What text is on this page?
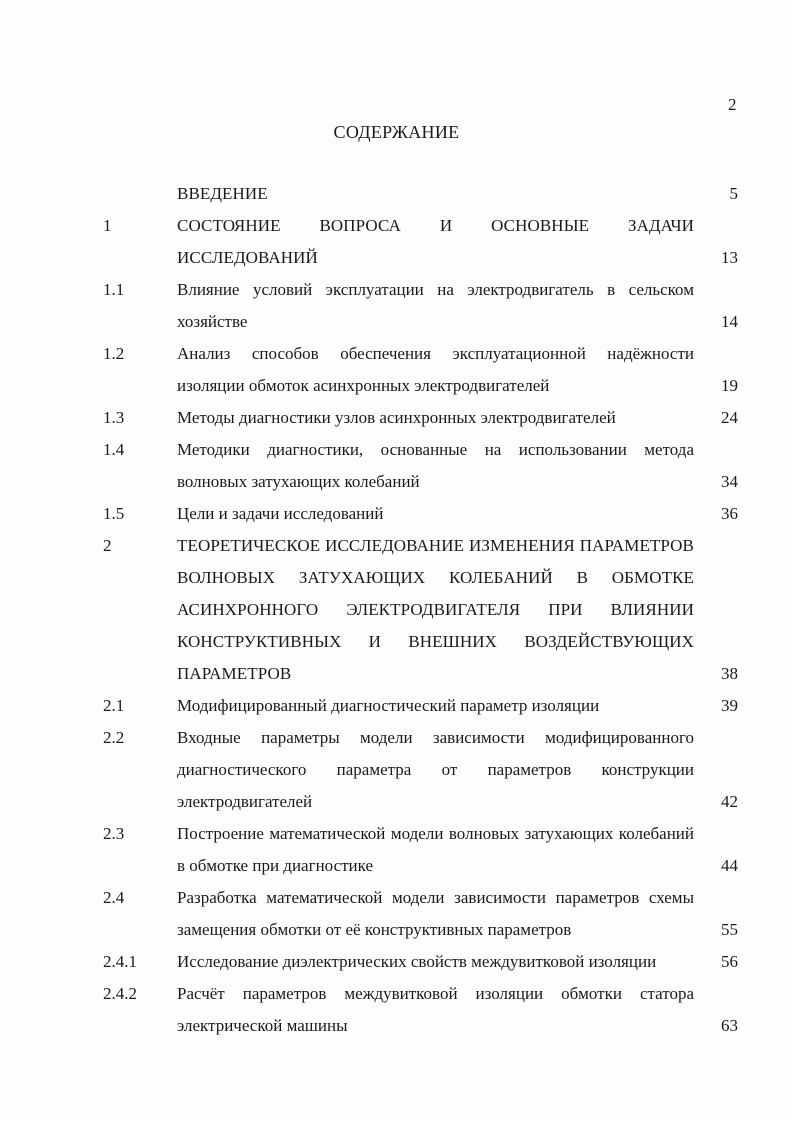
2
СОДЕРЖАНИЕ
ВВЕДЕНИЕ	5
1	СОСТОЯНИЕ ВОПРОСА И ОСНОВНЫЕ ЗАДАЧИ ИССЛЕДОВАНИЙ	13
1.1	Влияние условий эксплуатации на электродвигатель в сельском хозяйстве	14
1.2	Анализ способов обеспечения эксплуатационной надёжности изоляции обмоток асинхронных электродвигателей	19
1.3	Методы диагностики узлов асинхронных электродвигателей	24
1.4	Методики диагностики, основанные на использовании метода волновых затухающих колебаний	34
1.5	Цели и задачи исследований	36
2	ТЕОРЕТИЧЕСКОЕ ИССЛЕДОВАНИЕ ИЗМЕНЕНИЯ ПАРАМЕТРОВ ВОЛНОВЫХ ЗАТУХАЮЩИХ КОЛЕБАНИЙ В ОБМОТКЕ АСИНХРОННОГО ЭЛЕКТРОДВИГАТЕЛЯ ПРИ ВЛИЯНИИ КОНСТРУКТИВНЫХ И ВНЕШНИХ ВОЗДЕЙСТВУЮЩИХ ПАРАМЕТРОВ	38
2.1	Модифицированный диагностический параметр изоляции	39
2.2	Входные параметры модели зависимости модифицированного диагностического параметра от параметров конструкции электродвигателей	42
2.3	Построение математической модели волновых затухающих колебаний в обмотке при диагностике	44
2.4	Разработка математической модели зависимости параметров схемы замещения обмотки от её конструктивных параметров	55
2.4.1	Исследование диэлектрических свойств междувитковой изоляции	56
2.4.2	Расчёт параметров междувитковой изоляции обмотки статора электрической машины	63
